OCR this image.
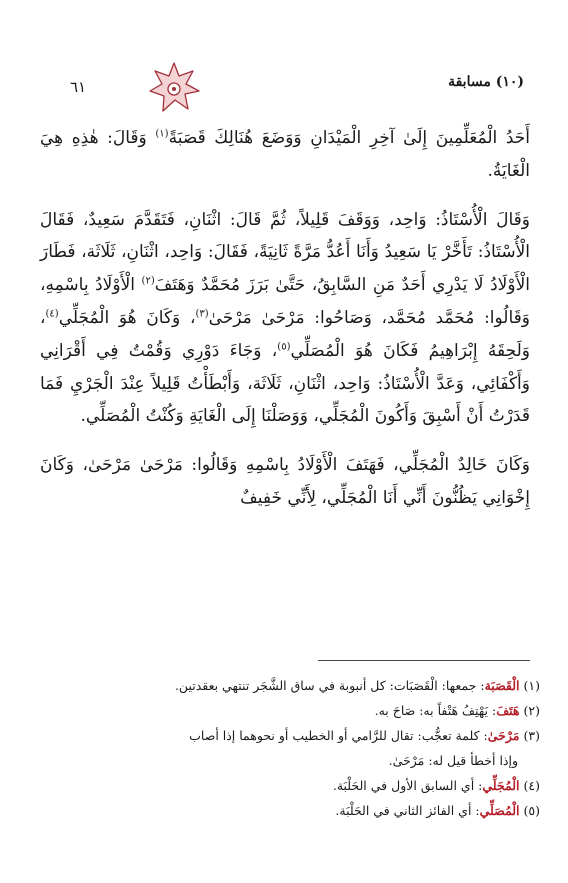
٦١	(١٠) مسابقة

أَحَدُ الْمُعَلِّمِينَ إِلَىٰ آخِرِ الْمَيْدَانِ وَوَضَعَ هُنَالِكَ قَصَبَةً$^{(١)}$ وَقَالَ: هٰذِهِ هِيَ الْغَايَةُ.

وَقَالَ الْأُسْتَاذُ: وَاحِد، وَوَقَفَ قَلِيلاً، ثُمَّ قَالَ: اثْنَانِ، فَتَقَدَّمَ سَعِيدٌ، فَقَالَ الْأُسْتَاذُ: تَأَخَّرْ يَا سَعِيدُ وَأَنَا أَعُدُّ مَرَّةً ثَانِيَةً، فَقَالَ: وَاحِد، اثْنَانِ، ثَلَاثَة، فَطَارَ الْأَوْلَادُ لَا يَدْرِي أَحَدٌ مَنِ السَّابِقُ، حَتَّىٰ بَرَزَ مُحَمَّدٌ وَهَتَفَ$^{(٢)}$ الْأَوْلَادُ بِاسْمِهِ، وَقَالُوا: مُحَمَّد مُحَمَّد، وَصَاحُوا: مَرْحَىٰ مَرْحَىٰ$^{(٣)}$، وَكَانَ هُوَ الْمُجَلِّي$^{(٤)}$، وَلَحِقَهُ إِبْرَاهِيمُ فَكَانَ هُوَ الْمُصَلِّي$^{(٥)}$، وَجَاءَ دَوْرِي وَقُمْتُ فِي أَقْرَانِي وَأَكْفَائِي، وَعَدَّ الْأُسْتَاذُ: وَاحِد، اثْنَانِ، ثَلَاثَة، وَأَبْطَأْتُ قَلِيلاً عِنْدَ الْجَرْيِ فَمَا قَدَرْتُ أَنْ أَسْبِقَ وَأَكُونَ الْمُجَلِّي، وَوَصَلْنَا إِلَى الْغَايَةِ وَكُنْتُ الْمُصَلِّي.

وَكَانَ خَالِدٌ الْمُجَلِّي، فَهَتَفَ الْأَوْلَادُ بِاسْمِهِ وَقَالُوا: مَرْحَىٰ مَرْحَىٰ، وَكَانَ إِخْوَانِي يَظُنُّونَ أَنِّي أَنَا الْمُجَلِّي، لِأَنِّي خَفِيفٌ

(١) الْقَصَبَة: جمعها: الْقَصَبَات: كل أنبوبة في ساق الشَّجَر تنتهي بعقدتين.
(٢) هَتَفَ: يَهْتِفُ هَتْفاً به: صَاحَ به.
(٣) مَرْحَىٰ: كلمة تعجُّب: تقال للرَّامي أو الخطيب أو نحوهما إذا أصاب
وإذا أخطأ قيل له: مَرْحَىٰ.
(٤) الْمُجَلِّي: أي السابق الأول في الحَلْبَة.
(٥) الْمُصَلِّي: أي الفائز الثاني في الحَلْبَة.
